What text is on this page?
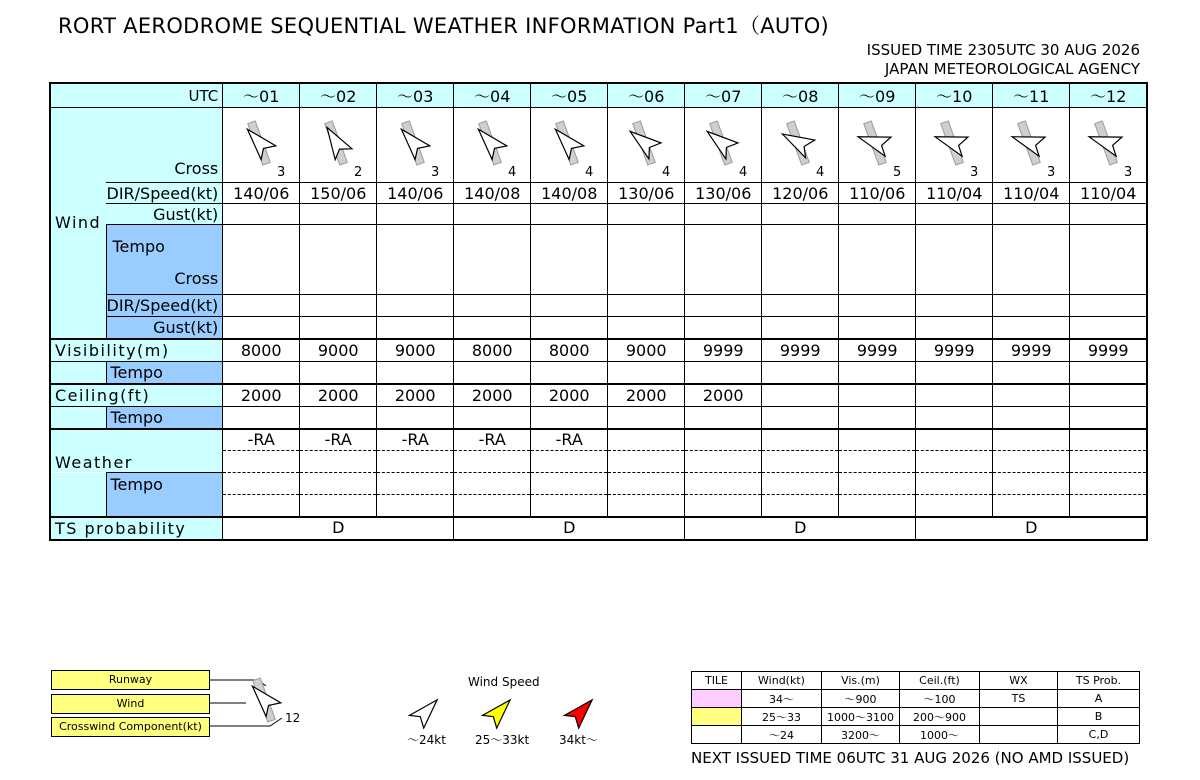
RORT AERODROME SEQUENTIAL WEATHER INFORMATION Part1（AUTO)
ISSUED TIME 2305UTC 30 AUG 2026
JAPAN METEOROLOGICAL AGENCY
UTC		～01	～02	～03	～04	～05	～06	～07	～08	～09	～10	～11	～12
Wind	Cross	3	2	3	4	4	4	4	4	5	3	3	3

	DIR/Speed(kt)	140/06	150/06	140/06	140/08	140/08	130/06	130/06	120/06	110/06	110/04	110/04	110/04
	Gust(kt)												

	Tempo
Cross												

	DIR/Speed(kt)												
	Gust(kt)												
Visibility(m)		8000	9000	9000	8000	8000	9000	9999	9999	9999	9999	9999	9999
	Tempo												
Ceiling(ft)		2000	2000	2000	2000	2000	2000	2000					
	Tempo												
Weather		-RA	-RA	-RA	-RA	-RA							

	Tempo												

TS probability		D			D			D			D		
Runway
Wind
Crosswind Component(kt)
12
Wind Speed
～24kt 25～33kt 34kt～
TILE	Wind(kt)	Vis.(m)	Ceil.(ft)	WX	TS Prob.
	34～	～900	～100	TS	A
	25～33	1000～3100	200～900		B
	～24	3200～	1000～		C,D
NEXT ISSUED TIME 06UTC 31 AUG 2026 (NO AMD ISSUED)
